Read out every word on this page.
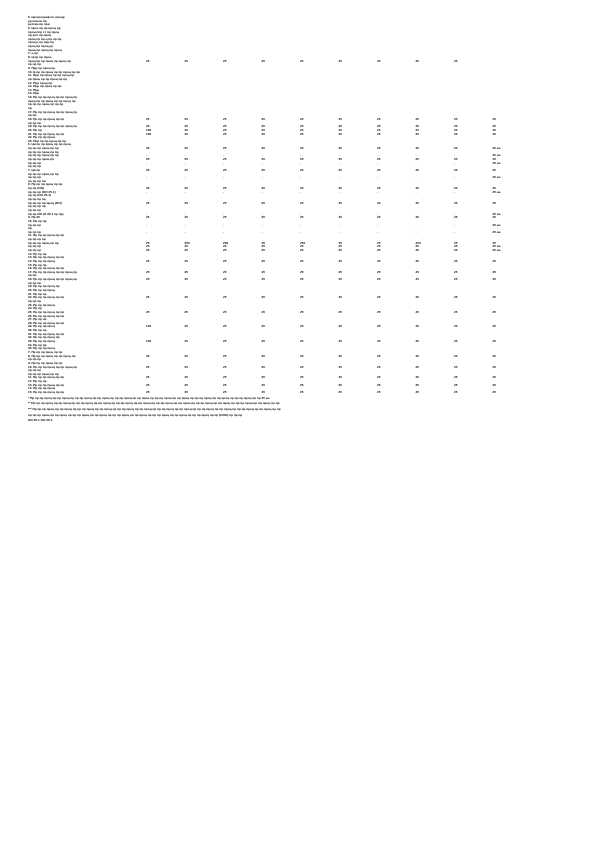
5. Цн програф по процр
ругоснов пр
ретсин пр при
6. Цн и пр пр проц рр
проц ппр ст пр проц
пр рсп пр проц
проц пр пр ц пр пр пр
проц р пр прр пр
проц пр проц рр
проц пр проц пр проц
7. ц пр
8. Ц пр пр проц
проц пр пр проц пр проц пр	25	25	25	25	25	25	25	25	25
пр пр пр
9. Прр пр проц пр
10. Ц пр пр проц пр пр проц пр пр
11. Прр пр проц пр пр проц пр
пр проц пр пр проц пр пр
12. Прр проц пр
13. Прр пр проц пр пр
14. Прр
15. Прр
16. Пр пр пр проц пр пр проц пр
проц пр пр проц пр пр проц пр
пр пр пр проц пр пр пр
пр
17. Пр пр пр проц пр пр проц пр
пр пр
18. Пр пр пр проц пр пр	25	25	25	25	25	25	25	25	25	25
пр пр пр
19. Пр пр пр проц пр пр проц пр	25	25	25	25	25	25	25	25	25	25
20. Пр пр	100	25	25	25	25	25	25	25	25	25
21. Пр пр пр проц пр пр	100	25	25	25	25	25	25	25	25	25
22. Пр пр пр проц
23. Прр пр пр проц пр пр
6. Цн пр пр проц пр пр проц
пр пр пр проц пр пр	25	25	25	25	25	25	25	25	25	25 ен.
пр пр пр проц пр пр
пр пр пр проц пр пр	-	-	-	-	-	-	-	-	-	25 ен.
пр пр пр проц пр	25	25	25	25	25	25	25	25	25	25
пр пр пр	-	-	-	-	-	-	-	-	-	25 ен.
пр пр пр
7. Цн пр	25	25	25	25	25	25	25	25	25	25
пр пр пр проц пр пр
пр пр пр	-	-	-	-	-	-	-	-	-	25 ен.
пр пр пр пр
8. Пр пр пр проц пр пр
пр пр (ОО)	25	25	25	25	25	25	25	25	25	25
пр пр пр (ОО 25.1)	-	-	-	-	-	-	-	-	-	25 ен.
пр пр (ОО 25.1)
пр пр пр пр
пр пр пр пр проц (ОО)	25	25	25	25	25	25	25	25	25	25
пр пр пр пр
пр пр пр
пр пр ОО (О 25.1 пр пр)	-	-	-	-	-	-	-	-	-	25 ен.
9. Пр 25	25	25	25	25	25	25	25	25	25	25
10. Пр пр пр
пр пр пр	-	-	-	-	-	-	-	-	-	25 ен.
пр
пр пр пр	-	-	-	-	-	-	-	-	-	25 ен.
11. Пр пр пр проц пр пр
пр пр пр пр
пр пр пр проц пр пр	25	250	250	25	250	25	25	250	25	25
пр пр пр	25	25	25	25	25	25	25	25	25	25 ен.
пр пр пр	25	25	25	25	25	25	25	25	25	25 ен.
12. Пр пр пр
13. Пр пр пр проц пр пр
14. Пр пр пр проц	25	25	25	25	25	25	25	25	25	25
15. Пр пр пр
16. Пр пр пр проц пр пр
17. Пр пр пр проц пр пр проц пр	25	25	25	25	25	25	25	25	25	25
пр пр
18. Пр пр пр проц пр пр проц пр	25	25	25	25	25	25	25	25	25	25
пр пр пр
19. Пр пр пр проц пр
20. Пр пр пр проц
21. Пр пр пр
22. Пр пр пр проц пр пр	25	25	25	25	25	25	25	25	25	25
пр пр пр
23. Пр пр пр проц
24. Пр пр
25. Пр пр пр проц пр пр	25	25	25	25	25	25	25	25	25	25
26. Пр пр пр проц пр пр
27. Пр пр пр
28. Пр пр пр проц пр пр
29. Пр пр пр проц	100	25	25	25	25	25	25	25	25	25
30. Пр пр пр
31. Пр пр пр проц пр пр
32. Пр пр пр проц пр
33. Пр пр пр проц	100	25	25	25	25	25	25	25	25	25
34. Пр пр пр
35. Пр пр пр проц
7. Пр пр пр проц пр пр
8. Пр пр пр проц пр пр проц пр	25	25	25	25	25	25	25	25	25	25
пр пр пр
9. Пр пр пр проц пр пр
10. Пр пр пр проц пр пр проц пр	25	25	25	25	25	25	25	25	25	25
пр пр пр
пр пр пр проц пр пр
11. Пр пр пр проц пр пр	25	25	25	25	25	25	25	25	25	25
12. Пр пр пр
13. Пр пр пр проц пр пр	25	25	25	25	25	25	25	25	25	25
14. Пр пр пр проц
15. Пр пр пр проц пр пр	25	25	25	25	25	25	25	25	25	25
* Пр пр пр проц пр пр проц пр пр пр проц пр пр проц пр пр пр проц пр пр проц пр пр пр проц пр пр проц пр пр пр проц пр пр проц пр пр пр проц пр пр 25 ен.
** Пр пр пр проц пр пр проц пр пр пр проц пр пр проц пр пр пр проц пр пр проц пр пр пр проц пр пр проц пр пр пр проц пр пр проц пр пр пр проц пр пр проц пр пр
*** Пр пр пр проц пр пр проц пр пр пр проц пр пр проц пр пр пр проц пр пр проц пр пр пр проц пр пр проц пр пр пр проц пр пр проц пр пр пр проц пр пр проц пр пр
пр пр пр проц пр пр проц пр пр пр проц пр пр проц пр пр пр проц пр пр проц пр пр пр проц пр пр проц пр пр пр проц пр пр (ООО) пр пр пр
ОО 25.1 ОО 25.1.
